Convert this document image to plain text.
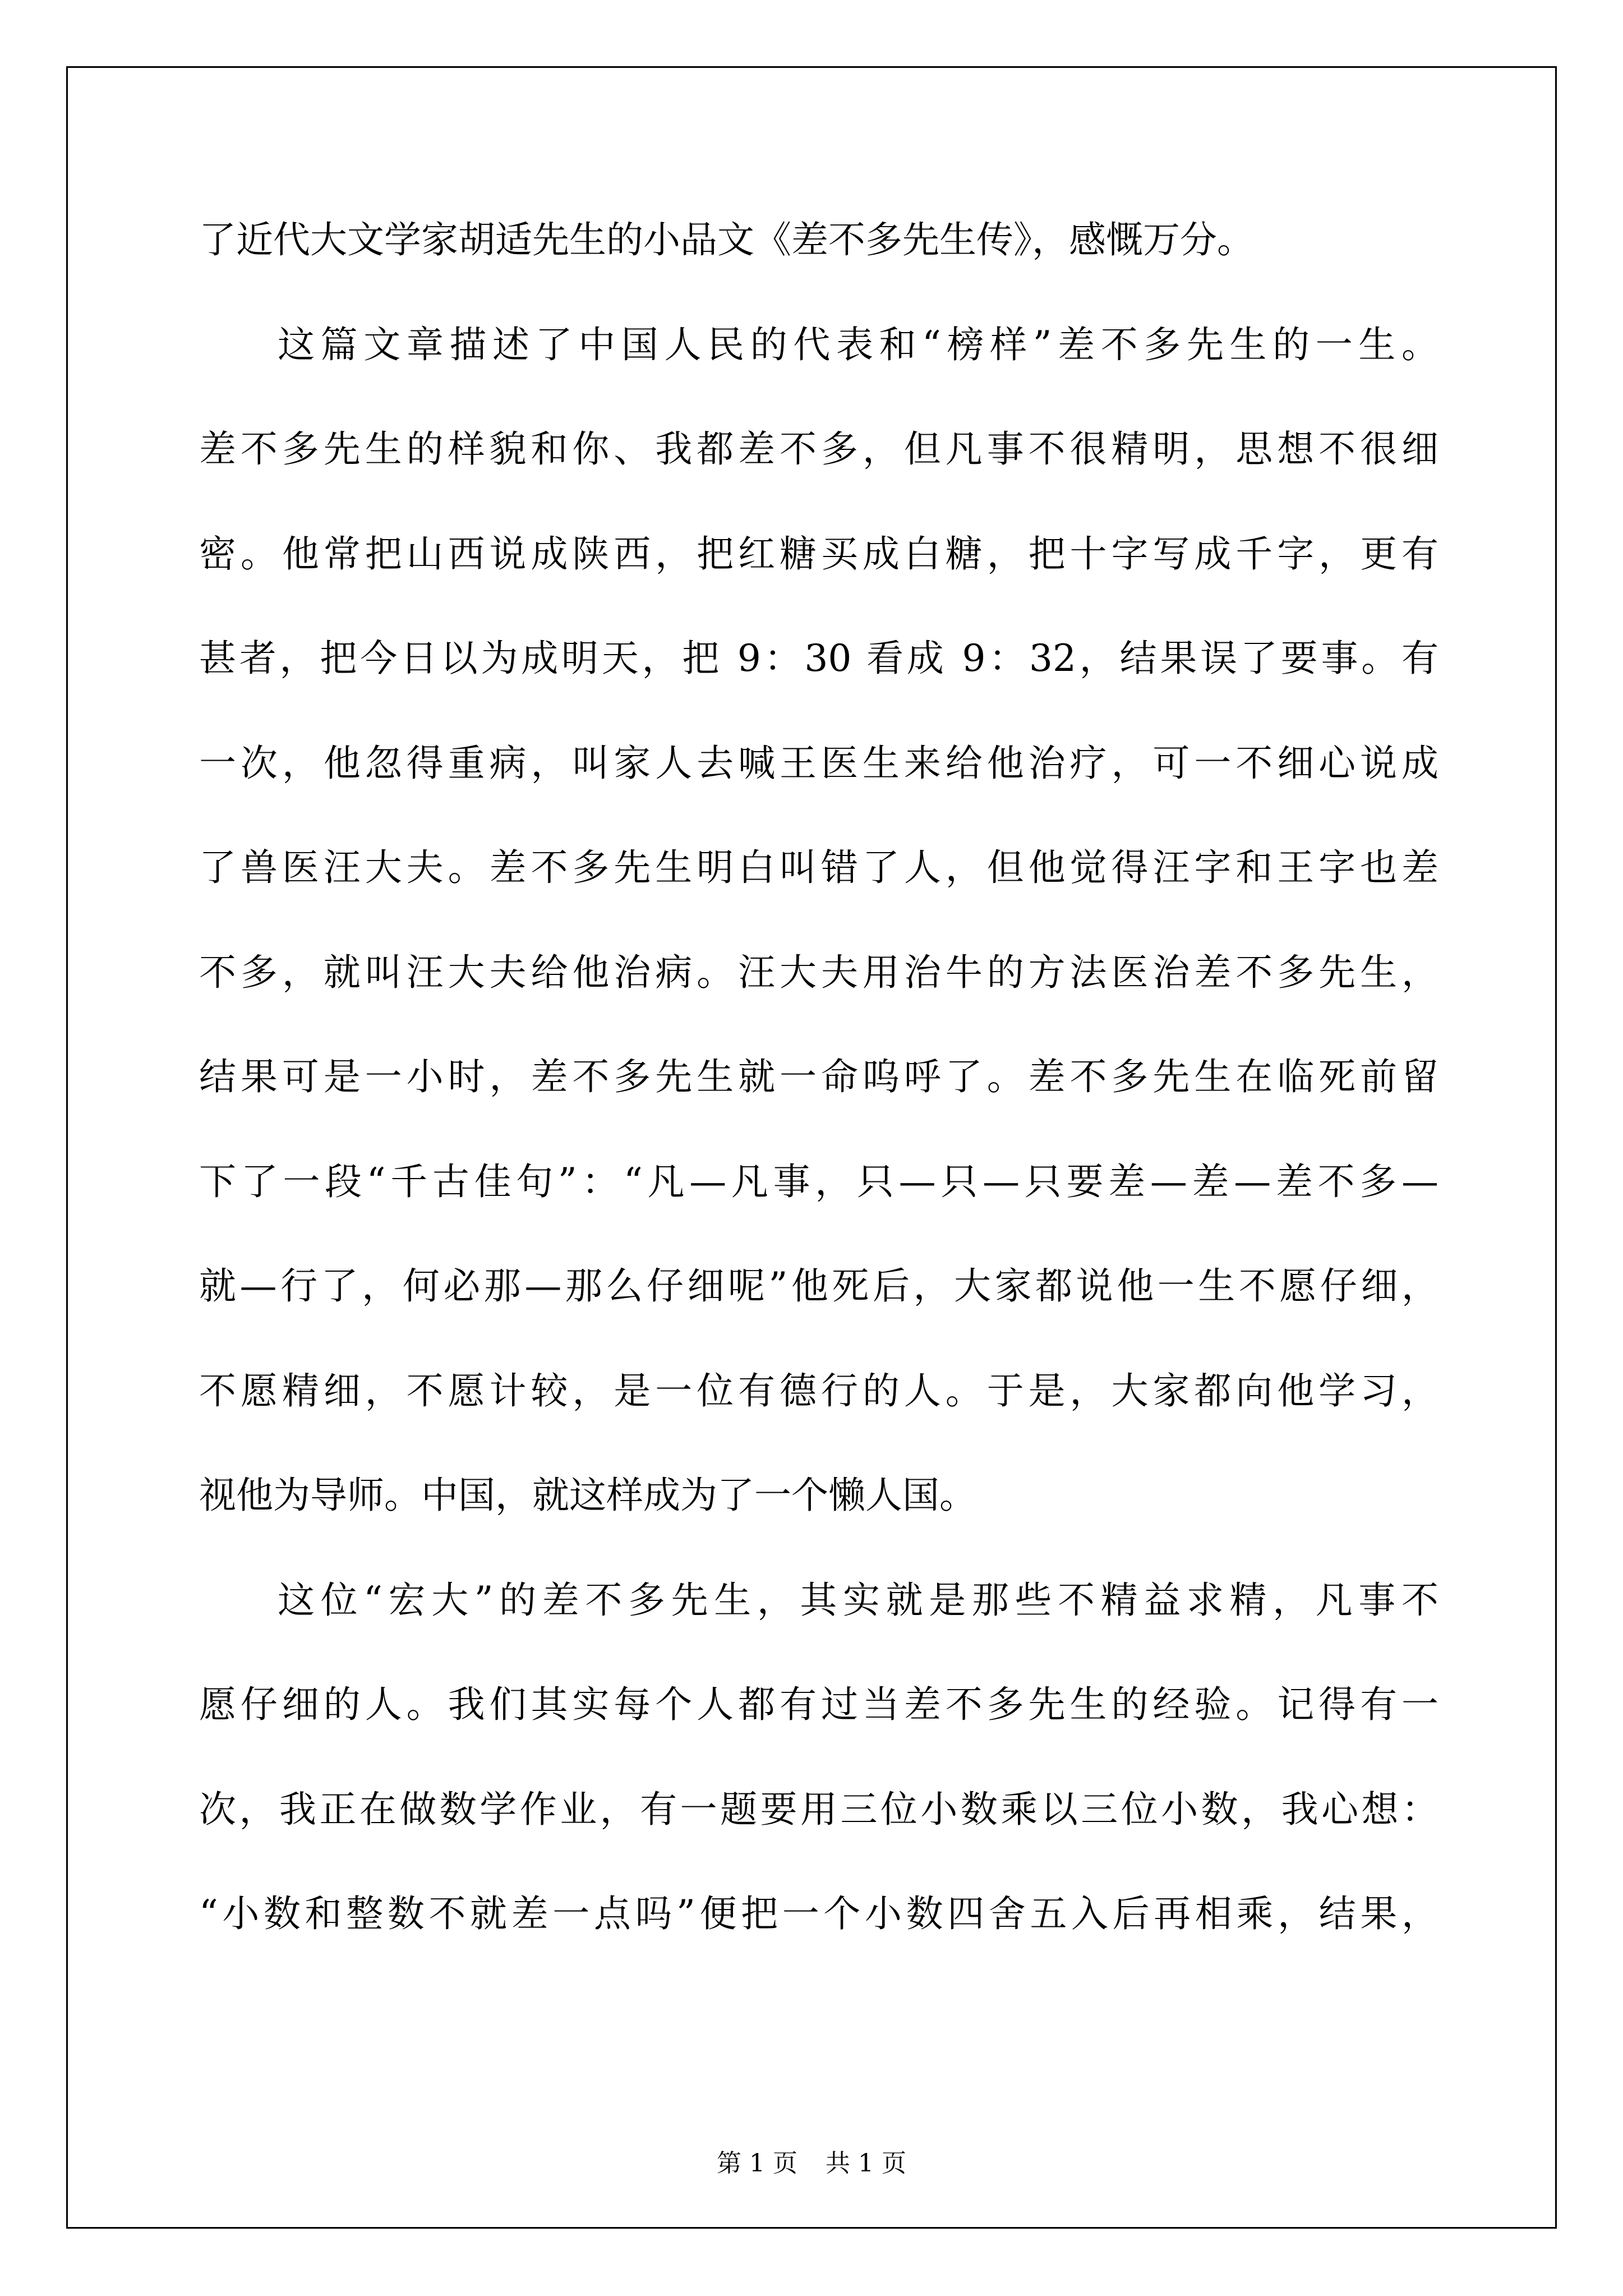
了近代大文学家胡适先生的小品文《差不多先生传》，感慨万分。
这篇文章描述了中国人民的代表和“榜样”差不多先生的一生。
差不多先生的样貌和你、我都差不多，但凡事不很精明，思想不很细
密。他常把山西说成陕西，把红糖买成白糖，把十字写成千字，更有
甚者，把今日以为成明天，把 9：30 看成 9：32，结果误了要事。有
一次，他忽得重病，叫家人去喊王医生来给他治疗，可一不细心说成
了兽医汪大夫。差不多先生明白叫错了人，但他觉得汪字和王字也差
不多，就叫汪大夫给他治病。汪大夫用治牛的方法医治差不多先生，
结果可是一小时，差不多先生就一命呜呼了。差不多先生在临死前留
下了一段“千古佳句”：“凡—凡事，只—只—只要差—差—差不多—
就—行了，何必那—那么仔细呢”他死后，大家都说他一生不愿仔细，
不愿精细，不愿计较，是一位有德行的人。于是，大家都向他学习，
视他为导师。中国，就这样成为了一个懒人国。
这位“宏大”的差不多先生，其实就是那些不精益求精，凡事不
愿仔细的人。我们其实每个人都有过当差不多先生的经验。记得有一
次，我正在做数学作业，有一题要用三位小数乘以三位小数，我心想：
“小数和整数不就差一点吗”便把一个小数四舍五入后再相乘，结果，
第 1 页 共 1 页
